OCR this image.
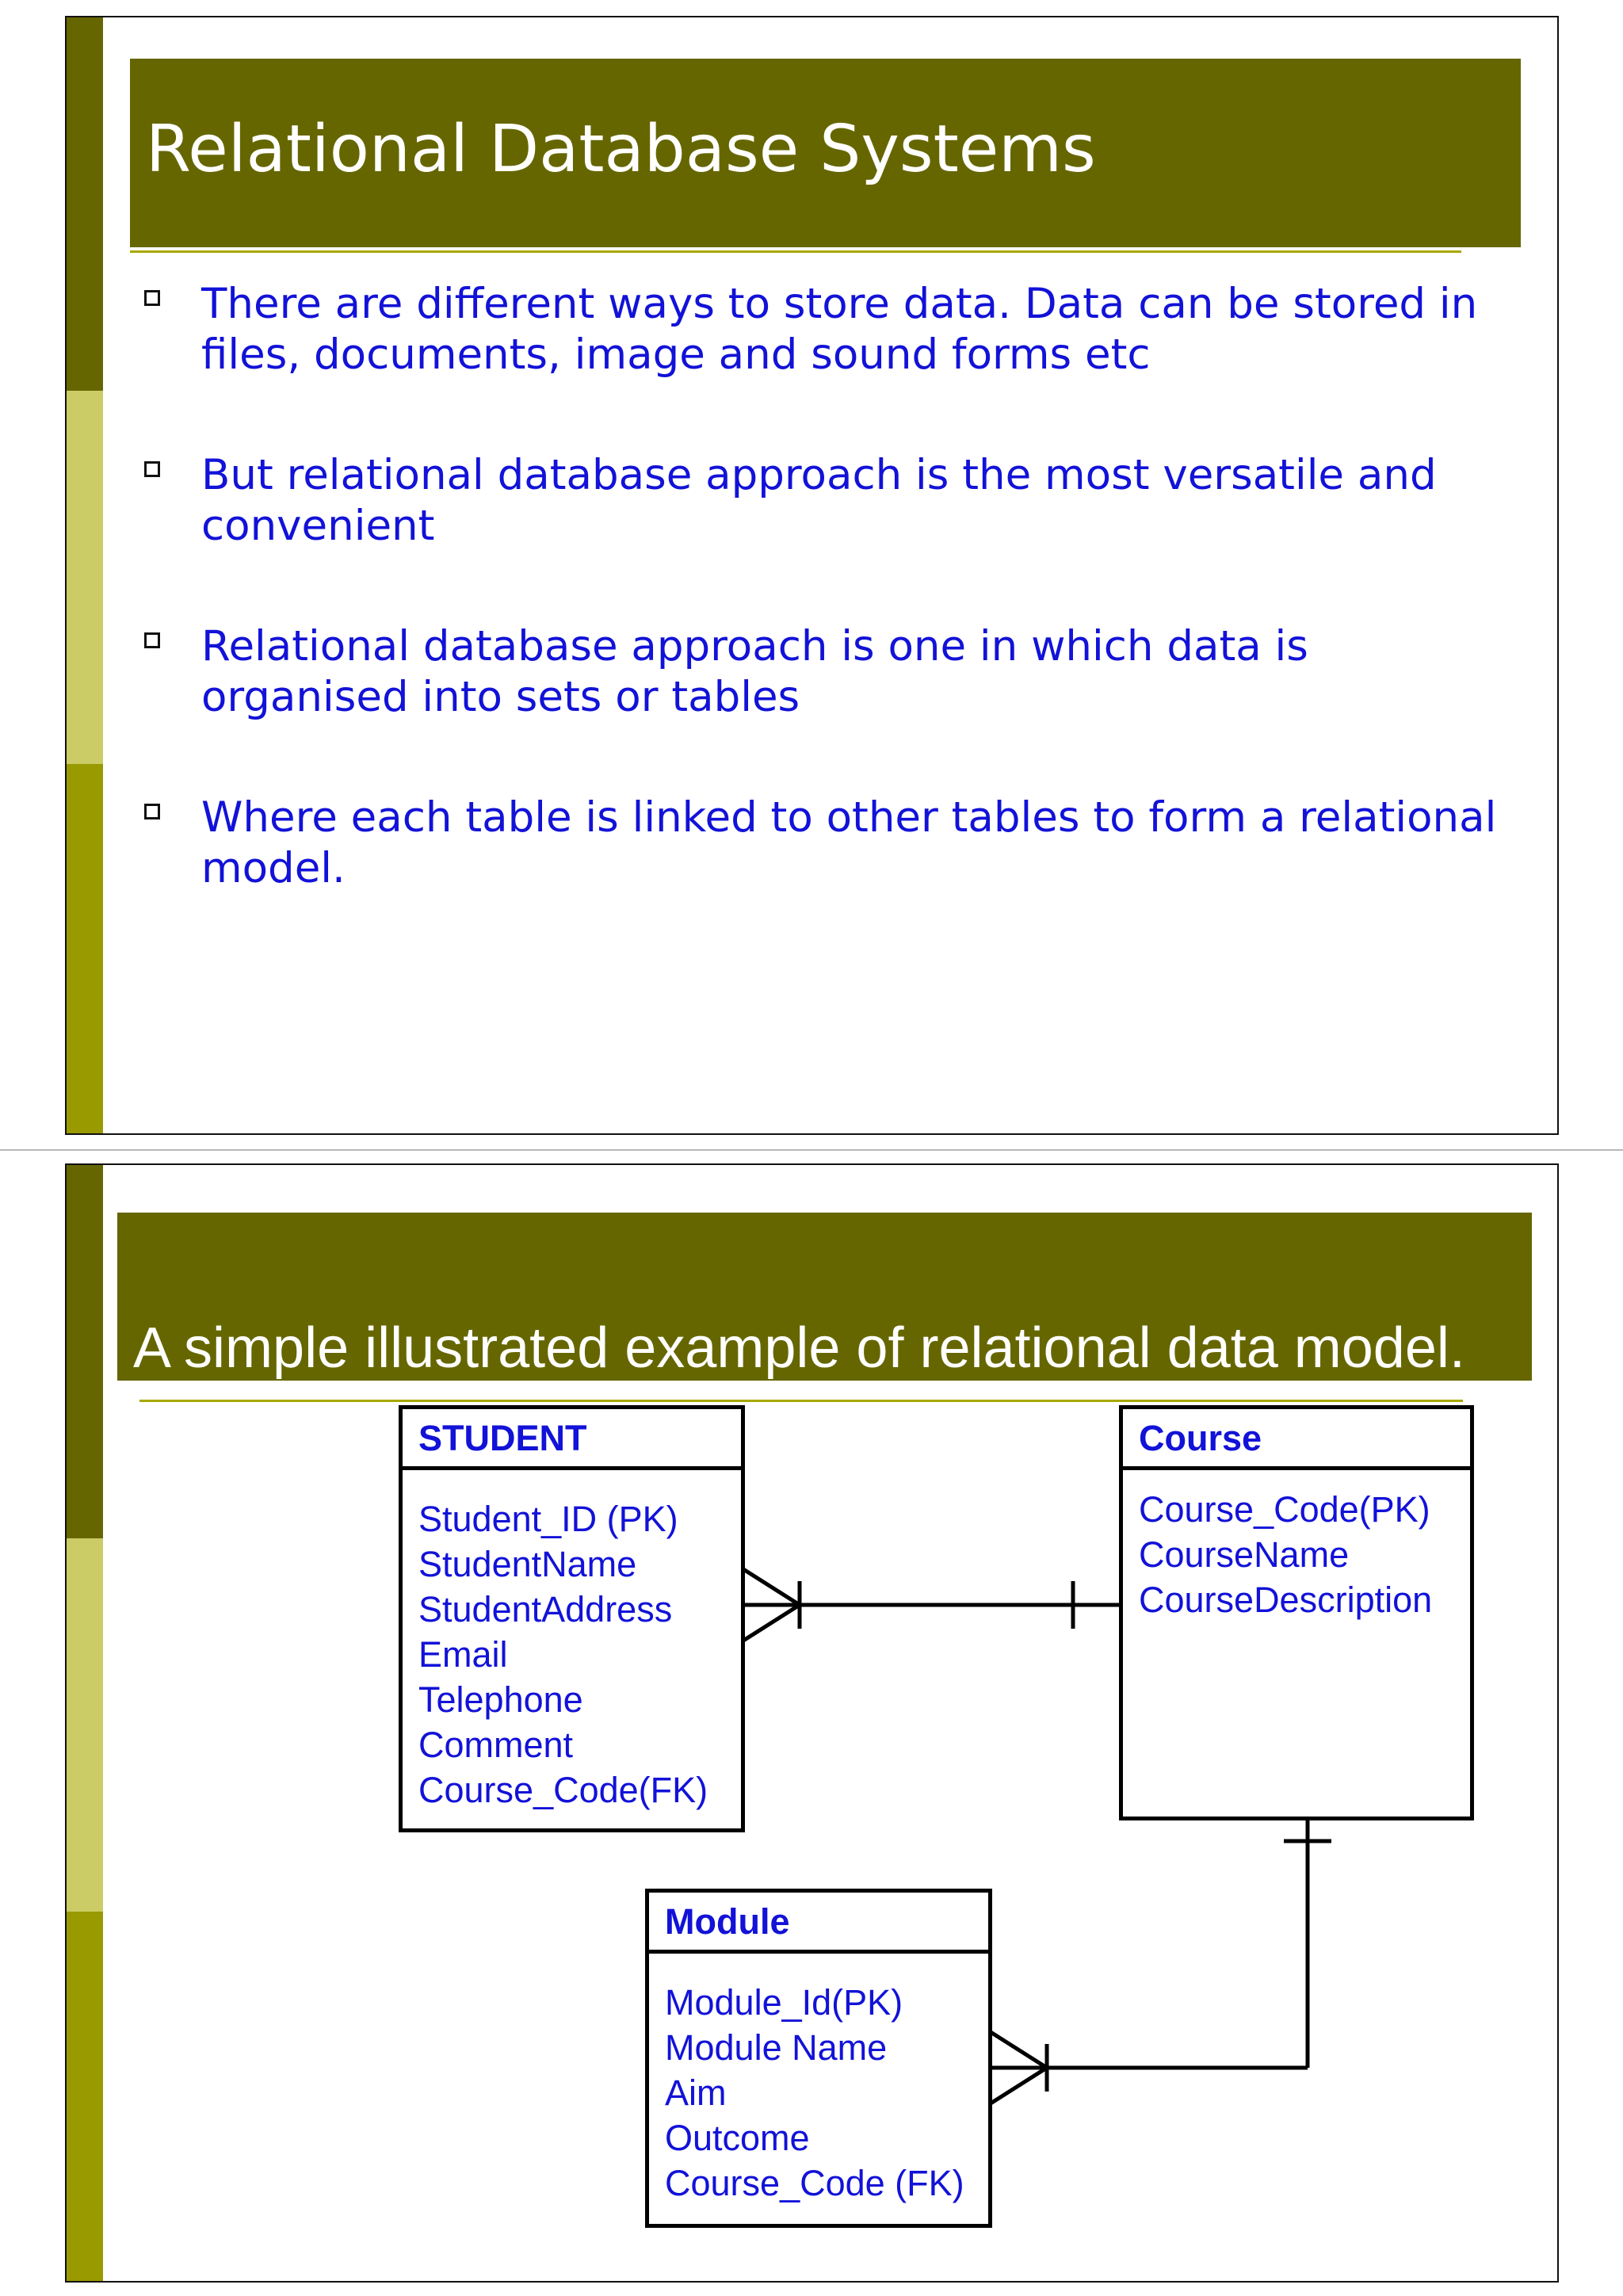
Relational Database Systems
There are different ways to store data. Data can be stored in
files, documents, image and sound forms etc
But relational database approach is the most versatile and
convenient
Relational database approach is one in which data is
organised into sets or tables
Where each table is linked to other tables to form a relational
model.
A simple illustrated example of relational data model.
STUDENT
Student_ID (PK)
StudentName
StudentAddress
Email
Telephone
Comment
Course_Code(FK)
Course
Course_Code(PK)
CourseName
CourseDescription
Module
Module_Id(PK)
Module Name
Aim
Outcome
Course_Code (FK)
